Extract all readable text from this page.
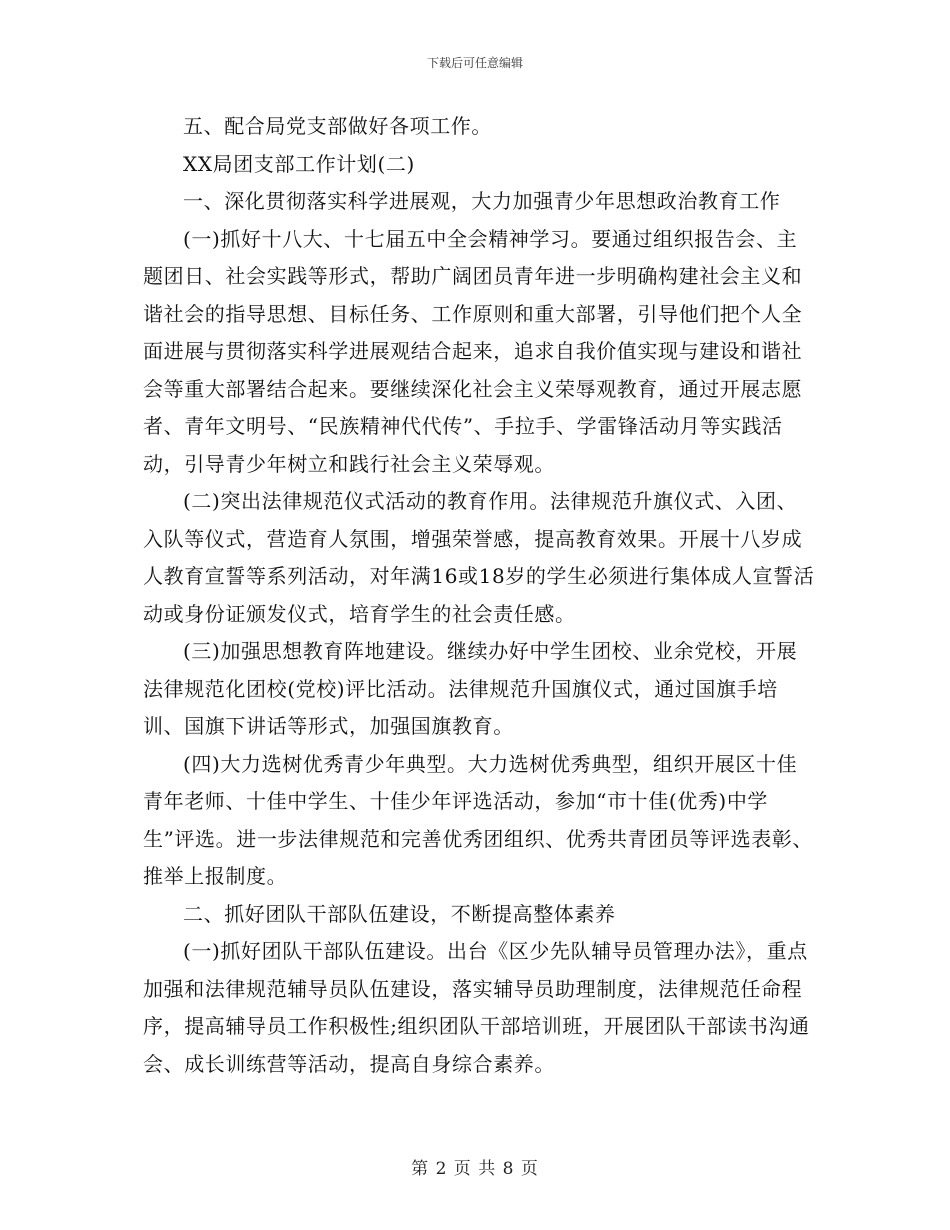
下载后可任意编辑

五、配合局党支部做好各项工作。

XX局团支部工作计划(二)

一、深化贯彻落实科学进展观，大力加强青少年思想政治教育工作

(一)抓好十八大、十七届五中全会精神学习。要通过组织报告会、主题团日、社会实践等形式，帮助广阔团员青年进一步明确构建社会主义和谐社会的指导思想、目标任务、工作原则和重大部署，引导他们把个人全面进展与贯彻落实科学进展观结合起来，追求自我价值实现与建设和谐社会等重大部署结合起来。要继续深化社会主义荣辱观教育，通过开展志愿者、青年文明号、“民族精神代代传”、手拉手、学雷锋活动月等实践活动，引导青少年树立和践行社会主义荣辱观。

(二)突出法律规范仪式活动的教育作用。法律规范升旗仪式、入团、入队等仪式，营造育人氛围，增强荣誉感，提高教育效果。开展十八岁成人教育宣誓等系列活动，对年满16或18岁的学生必须进行集体成人宣誓活动或身份证颁发仪式，培育学生的社会责任感。

(三)加强思想教育阵地建设。继续办好中学生团校、业余党校，开展法律规范化团校(党校)评比活动。法律规范升国旗仪式，通过国旗手培训、国旗下讲话等形式，加强国旗教育。

(四)大力选树优秀青少年典型。大力选树优秀典型，组织开展区十佳青年老师、十佳中学生、十佳少年评选活动，参加“市十佳(优秀)中学生”评选。进一步法律规范和完善优秀团组织、优秀共青团员等评选表彰、推举上报制度。

二、抓好团队干部队伍建设，不断提高整体素养

(一)抓好团队干部队伍建设。出台《区少先队辅导员管理办法》，重点加强和法律规范辅导员队伍建设，落实辅导员助理制度，法律规范任命程序，提高辅导员工作积极性;组织团队干部培训班，开展团队干部读书沟通会、成长训练营等活动，提高自身综合素养。

第 2 页 共 8 页
